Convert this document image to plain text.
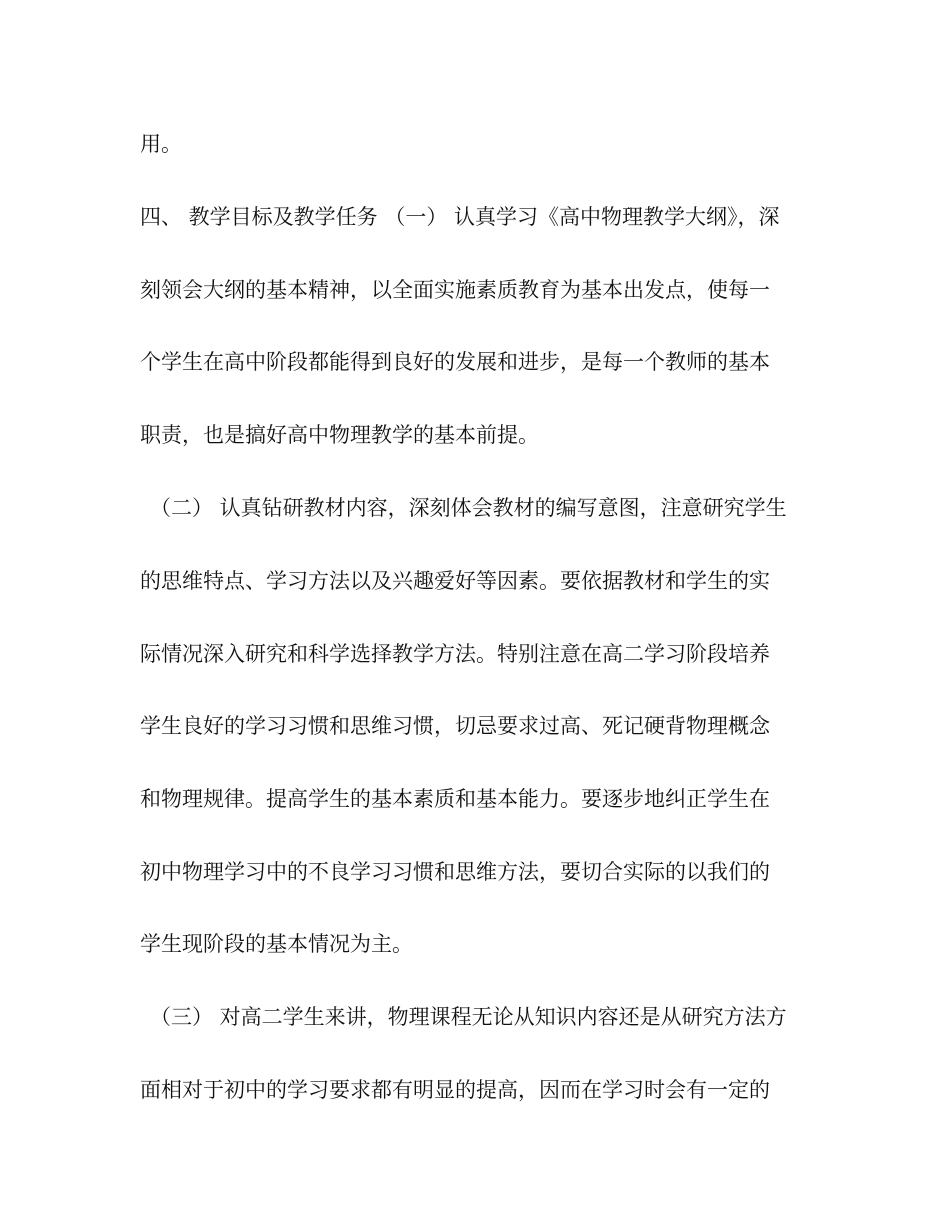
用。
四、 教学目标及教学任务 （一） 认真学习《高中物理教学大纲》，深
刻领会大纲的基本精神，以全面实施素质教育为基本出发点，使每一
个学生在高中阶段都能得到良好的发展和进步，是每一个教师的基本
职责，也是搞好高中物理教学的基本前提。
（二） 认真钻研教材内容，深刻体会教材的编写意图，注意研究学生
的思维特点、学习方法以及兴趣爱好等因素。要依据教材和学生的实
际情况深入研究和科学选择教学方法。特别注意在高二学习阶段培养
学生良好的学习习惯和思维习惯，切忌要求过高、死记硬背物理概念
和物理规律。提高学生的基本素质和基本能力。要逐步地纠正学生在
初中物理学习中的不良学习习惯和思维方法，要切合实际的以我们的
学生现阶段的基本情况为主。
（三） 对高二学生来讲，物理课程无论从知识内容还是从研究方法方
面相对于初中的学习要求都有明显的提高，因而在学习时会有一定的
